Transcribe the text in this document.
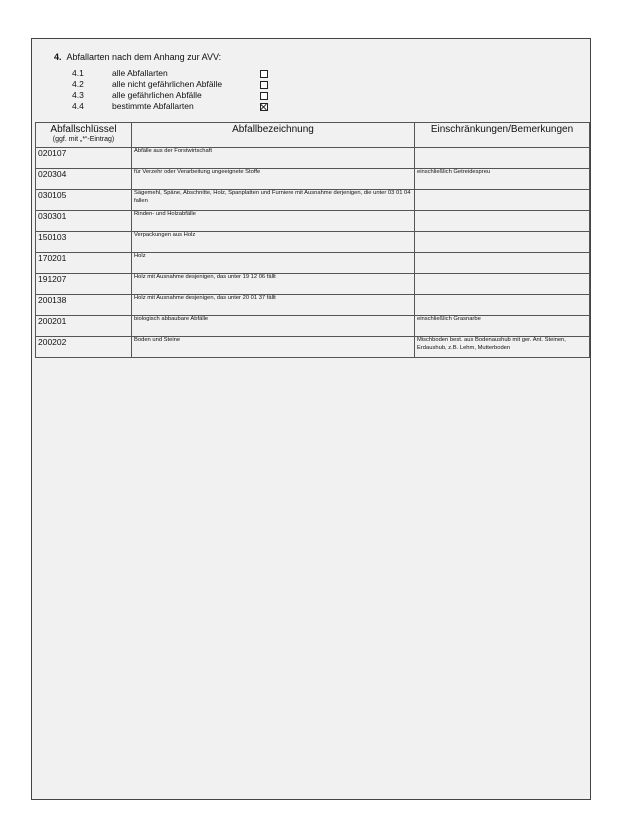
4. Abfallarten nach dem Anhang zur AVV:
4.1	alle Abfallarten
4.2	alle nicht gefährlichen Abfälle
4.3	alle gefährlichen Abfälle
4.4	bestimmte Abfallarten
Abfallschlüssel
(ggf. mit „*“-Eintrag)	Abfallbezeichnung	Einschränkungen/Bemerkungen

020107	Abfälle aus der Forstwirtschaft	
020304	für Verzehr oder Verarbeitung ungeeignete Stoffe	einschließlich Getreidespreu
030105	Sägemehl, Späne, Abschnitte, Holz, Spanplatten und Furniere mit Ausnahme derjenigen, die unter 03 01 04 fallen	
030301	Rinden- und Holzabfälle	
150103	Verpackungen aus Holz	
170201	Holz	
191207	Holz mit Ausnahme desjenigen, das unter 19 12 06 fällt	
200138	Holz mit Ausnahme desjenigen, das unter 20 01 37 fällt	
200201	biologisch abbaubare Abfälle	einschließlich Grasnarbe
200202	Boden und Steine	Mischboden best. aus Bodenaushub mit ger. Ant. Steinen, Erdaushub, z.B. Lehm, Mutterboden
